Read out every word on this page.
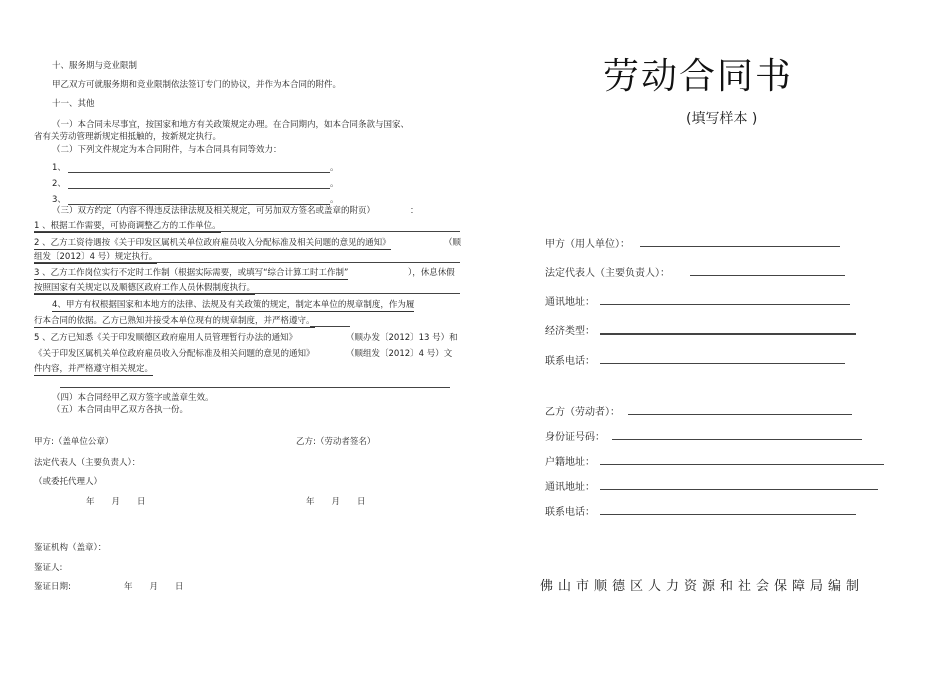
十、服务期与竞业限制
甲乙双方可就服务期和竞业限制依法签订专门的协议，并作为本合同的附件。
十一、其他
（一）本合同未尽事宜，按国家和地方有关政策规定办理。在合同期内，如本合同条款与国家、
省有关劳动管理新规定相抵触的，按新规定执行。
（二）下列文件规定为本合同附件，与本合同具有同等效力：
1、	。
2、	。
3、	。
（三）双方约定（内容不得违反法律法规及相关规定，可另加双方签名或盖章的附页）	：
1 、根据工作需要，可协商调整乙方的工作单位。
2 、乙方工资待遇按《关于印发区属机关单位政府雇员收入分配标准及相关问题的意见的通知》	（顺
组发〔2012〕4 号）规定执行。
3 、乙方工作岗位实行不定时工作制（根据实际需要，或填写“综合计算工时工作制”	），休息休假
按照国家有关规定以及顺德区政府工作人员休假制度执行。
4、甲方有权根据国家和本地方的法律、法规及有关政策的规定，制定本单位的规章制度，作为履
行本合同的依据。乙方已熟知并接受本单位现有的规章制度，并严格遵守。
5 、乙方已知悉《关于印发顺德区政府雇用人员管理暂行办法的通知》	（顺办发〔2012〕13 号）和
《关于印发区属机关单位政府雇员收入分配标准及相关问题的意见的通知》	（顺组发〔2012〕4 号）文
件内容，并严格遵守相关规定。
（四）本合同经甲乙双方签字或盖章生效。
（五）本合同由甲乙双方各执一份。
甲方:（盖单位公章）	乙方:（劳动者签名）
法定代表人（主要负责人）：
（或委托代理人）
年　　月　　日	年　　月　　日
鉴证机构（盖章）：
鉴证人:
鉴证日期:	年　　月　　日
劳动合同书
(填写样本 )
甲方（用人单位）：
法定代表人（主要负责人）：
通讯地址：
经济类型：
联系电话：
乙方（劳动者）：
身份证号码：
户籍地址：
通讯地址：
联系电话：
佛山市顺德区人力资源和社会保障局编制
